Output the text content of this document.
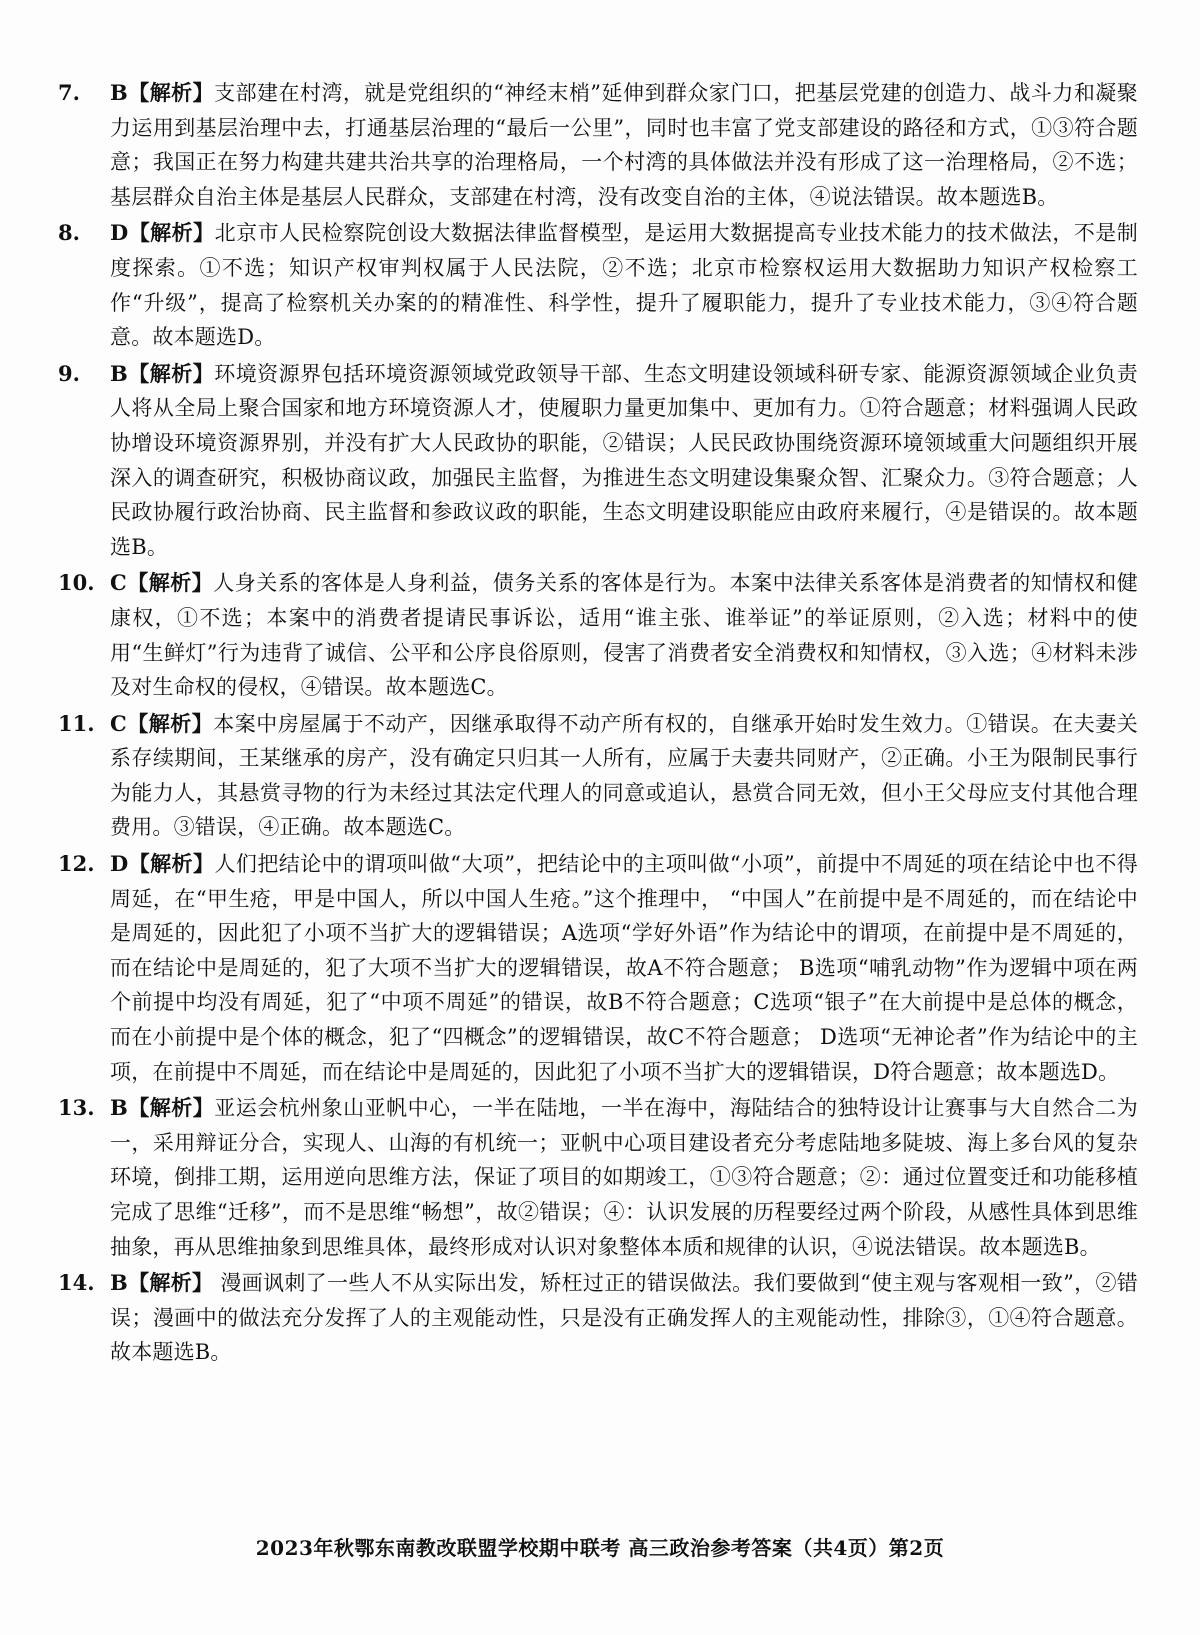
7.	B【解析】支部建在村湾，就是党组织的“神经末梢”延伸到群众家门口，把基层党建的创造力、战斗力和凝聚力运用到基层治理中去，打通基层治理的“最后一公里”，同时也丰富了党支部建设的路径和方式，①③符合题意；我国正在努力构建共建共治共享的治理格局，一个村湾的具体做法并没有形成了这一治理格局，②不选；基层群众自治主体是基层人民群众，支部建在村湾，没有改变自治的主体，④说法错误。故本题选B。
8.	D【解析】北京市人民检察院创设大数据法律监督模型，是运用大数据提高专业技术能力的技术做法，不是制度探索。①不选；知识产权审判权属于人民法院，②不选；北京市检察权运用大数据助力知识产权检察工作“升级”，提高了检察机关办案的的精准性、科学性，提升了履职能力，提升了专业技术能力，③④符合题意。故本题选D。
9.	B【解析】环境资源界包括环境资源领域党政领导干部、生态文明建设领域科研专家、能源资源领域企业负责人将从全局上聚合国家和地方环境资源人才，使履职力量更加集中、更加有力。①符合题意；材料强调人民政协增设环境资源界别，并没有扩大人民政协的职能，②错误；人民民政协围绕资源环境领域重大问题组织开展深入的调查研究，积极协商议政，加强民主监督，为推进生态文明建设集聚众智、汇聚众力。③符合题意；人民政协履行政治协商、民主监督和参政议政的职能，生态文明建设职能应由政府来履行，④是错误的。故本题选B。
10. C【解析】人身关系的客体是人身利益，债务关系的客体是行为。本案中法律关系客体是消费者的知情权和健康权，①不选；本案中的消费者提请民事诉讼，适用“谁主张、谁举证”的举证原则，②入选；材料中的使用“生鲜灯”行为违背了诚信、公平和公序良俗原则，侵害了消费者安全消费权和知情权，③入选；④材料未涉及对生命权的侵权，④错误。故本题选C。
11. C【解析】本案中房屋属于不动产，因继承取得不动产所有权的，自继承开始时发生效力。①错误。在夫妻关系存续期间，王某继承的房产，没有确定只归其一人所有，应属于夫妻共同财产，②正确。小王为限制民事行为能力人，其悬赏寻物的行为未经过其法定代理人的同意或追认，悬赏合同无效，但小王父母应支付其他合理费用。③错误，④正确。故本题选C。
12. D【解析】人们把结论中的谓项叫做“大项”，把结论中的主项叫做“小项”，前提中不周延的项在结论中也不得周延，在“甲生疮，甲是中国人，所以中国人生疮。”这个推理中， “中国人”在前提中是不周延的，而在结论中是周延的，因此犯了小项不当扩大的逻辑错误；A选项“学好外语”作为结论中的谓项，在前提中是不周延的，而在结论中是周延的，犯了大项不当扩大的逻辑错误，故A不符合题意； B选项“哺乳动物”作为逻辑中项在两个前提中均没有周延，犯了“中项不周延”的错误，故B不符合题意；C选项“银子”在大前提中是总体的概念，而在小前提中是个体的概念，犯了“四概念”的逻辑错误，故C不符合题意； D选项“无神论者”作为结论中的主项，在前提中不周延，而在结论中是周延的，因此犯了小项不当扩大的逻辑错误，D符合题意；故本题选D。
13. B【解析】亚运会杭州象山亚帆中心，一半在陆地，一半在海中，海陆结合的独特设计让赛事与大自然合二为一，采用辩证分合，实现人、山海的有机统一；亚帆中心项目建设者充分考虑陆地多陡坡、海上多台风的复杂环境，倒排工期，运用逆向思维方法，保证了项目的如期竣工，①③符合题意；②：通过位置变迁和功能移植完成了思维“迁移”，而不是思维“畅想”，故②错误；④：认识发展的历程要经过两个阶段，从感性具体到思维抽象，再从思维抽象到思维具体，最终形成对认识对象整体本质和规律的认识，④说法错误。故本题选B。
14. B【解析】 漫画讽刺了一些人不从实际出发，矫枉过正的错误做法。我们要做到“使主观与客观相一致”，②错误；漫画中的做法充分发挥了人的主观能动性，只是没有正确发挥人的主观能动性，排除③，①④符合题意。故本题选B。
2023年秋鄂东南教改联盟学校期中联考 高三政治参考答案（共4页）第2页
